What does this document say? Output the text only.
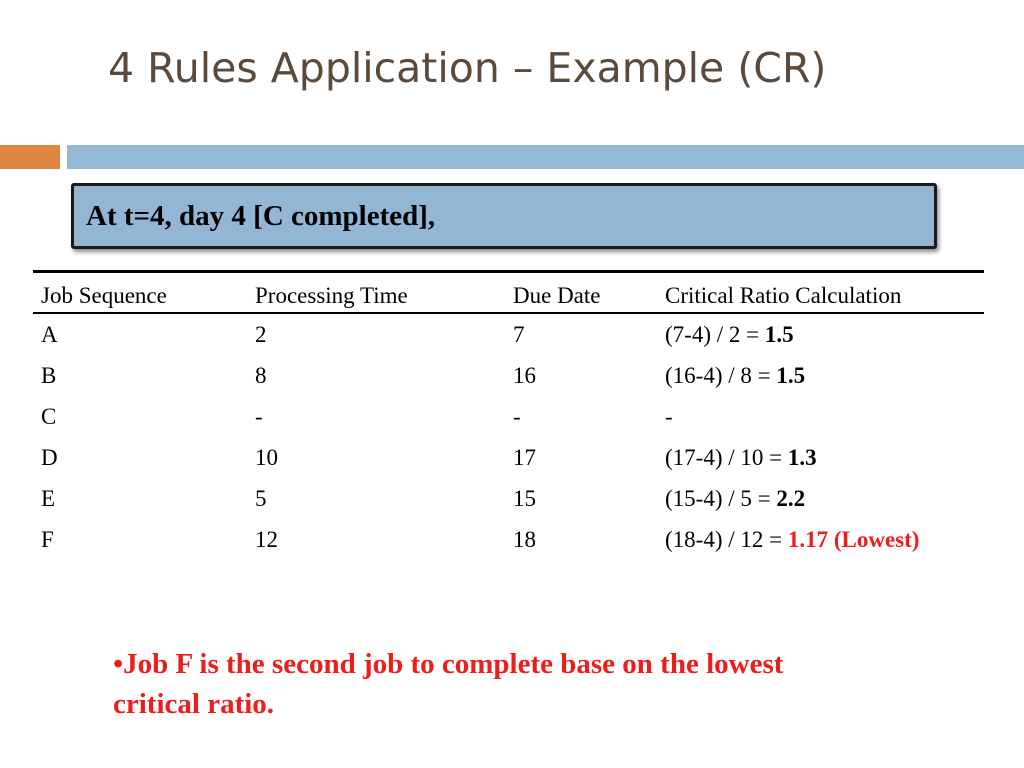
4 Rules Application – Example (CR)
At t=4, day 4 [C completed],
Job Sequence	Processing Time	Due Date	Critical Ratio Calculation
A	2	7	(7-4) / 2 = 1.5
B	8	16	(16-4) / 8 = 1.5
C	-	-	-
D	10	17	(17-4) / 10 = 1.3
E	5	15	(15-4) / 5 = 2.2
F	12	18	(18-4) / 12 = 1.17 (Lowest)
•Job F is the second job to complete base on the lowest critical ratio.
